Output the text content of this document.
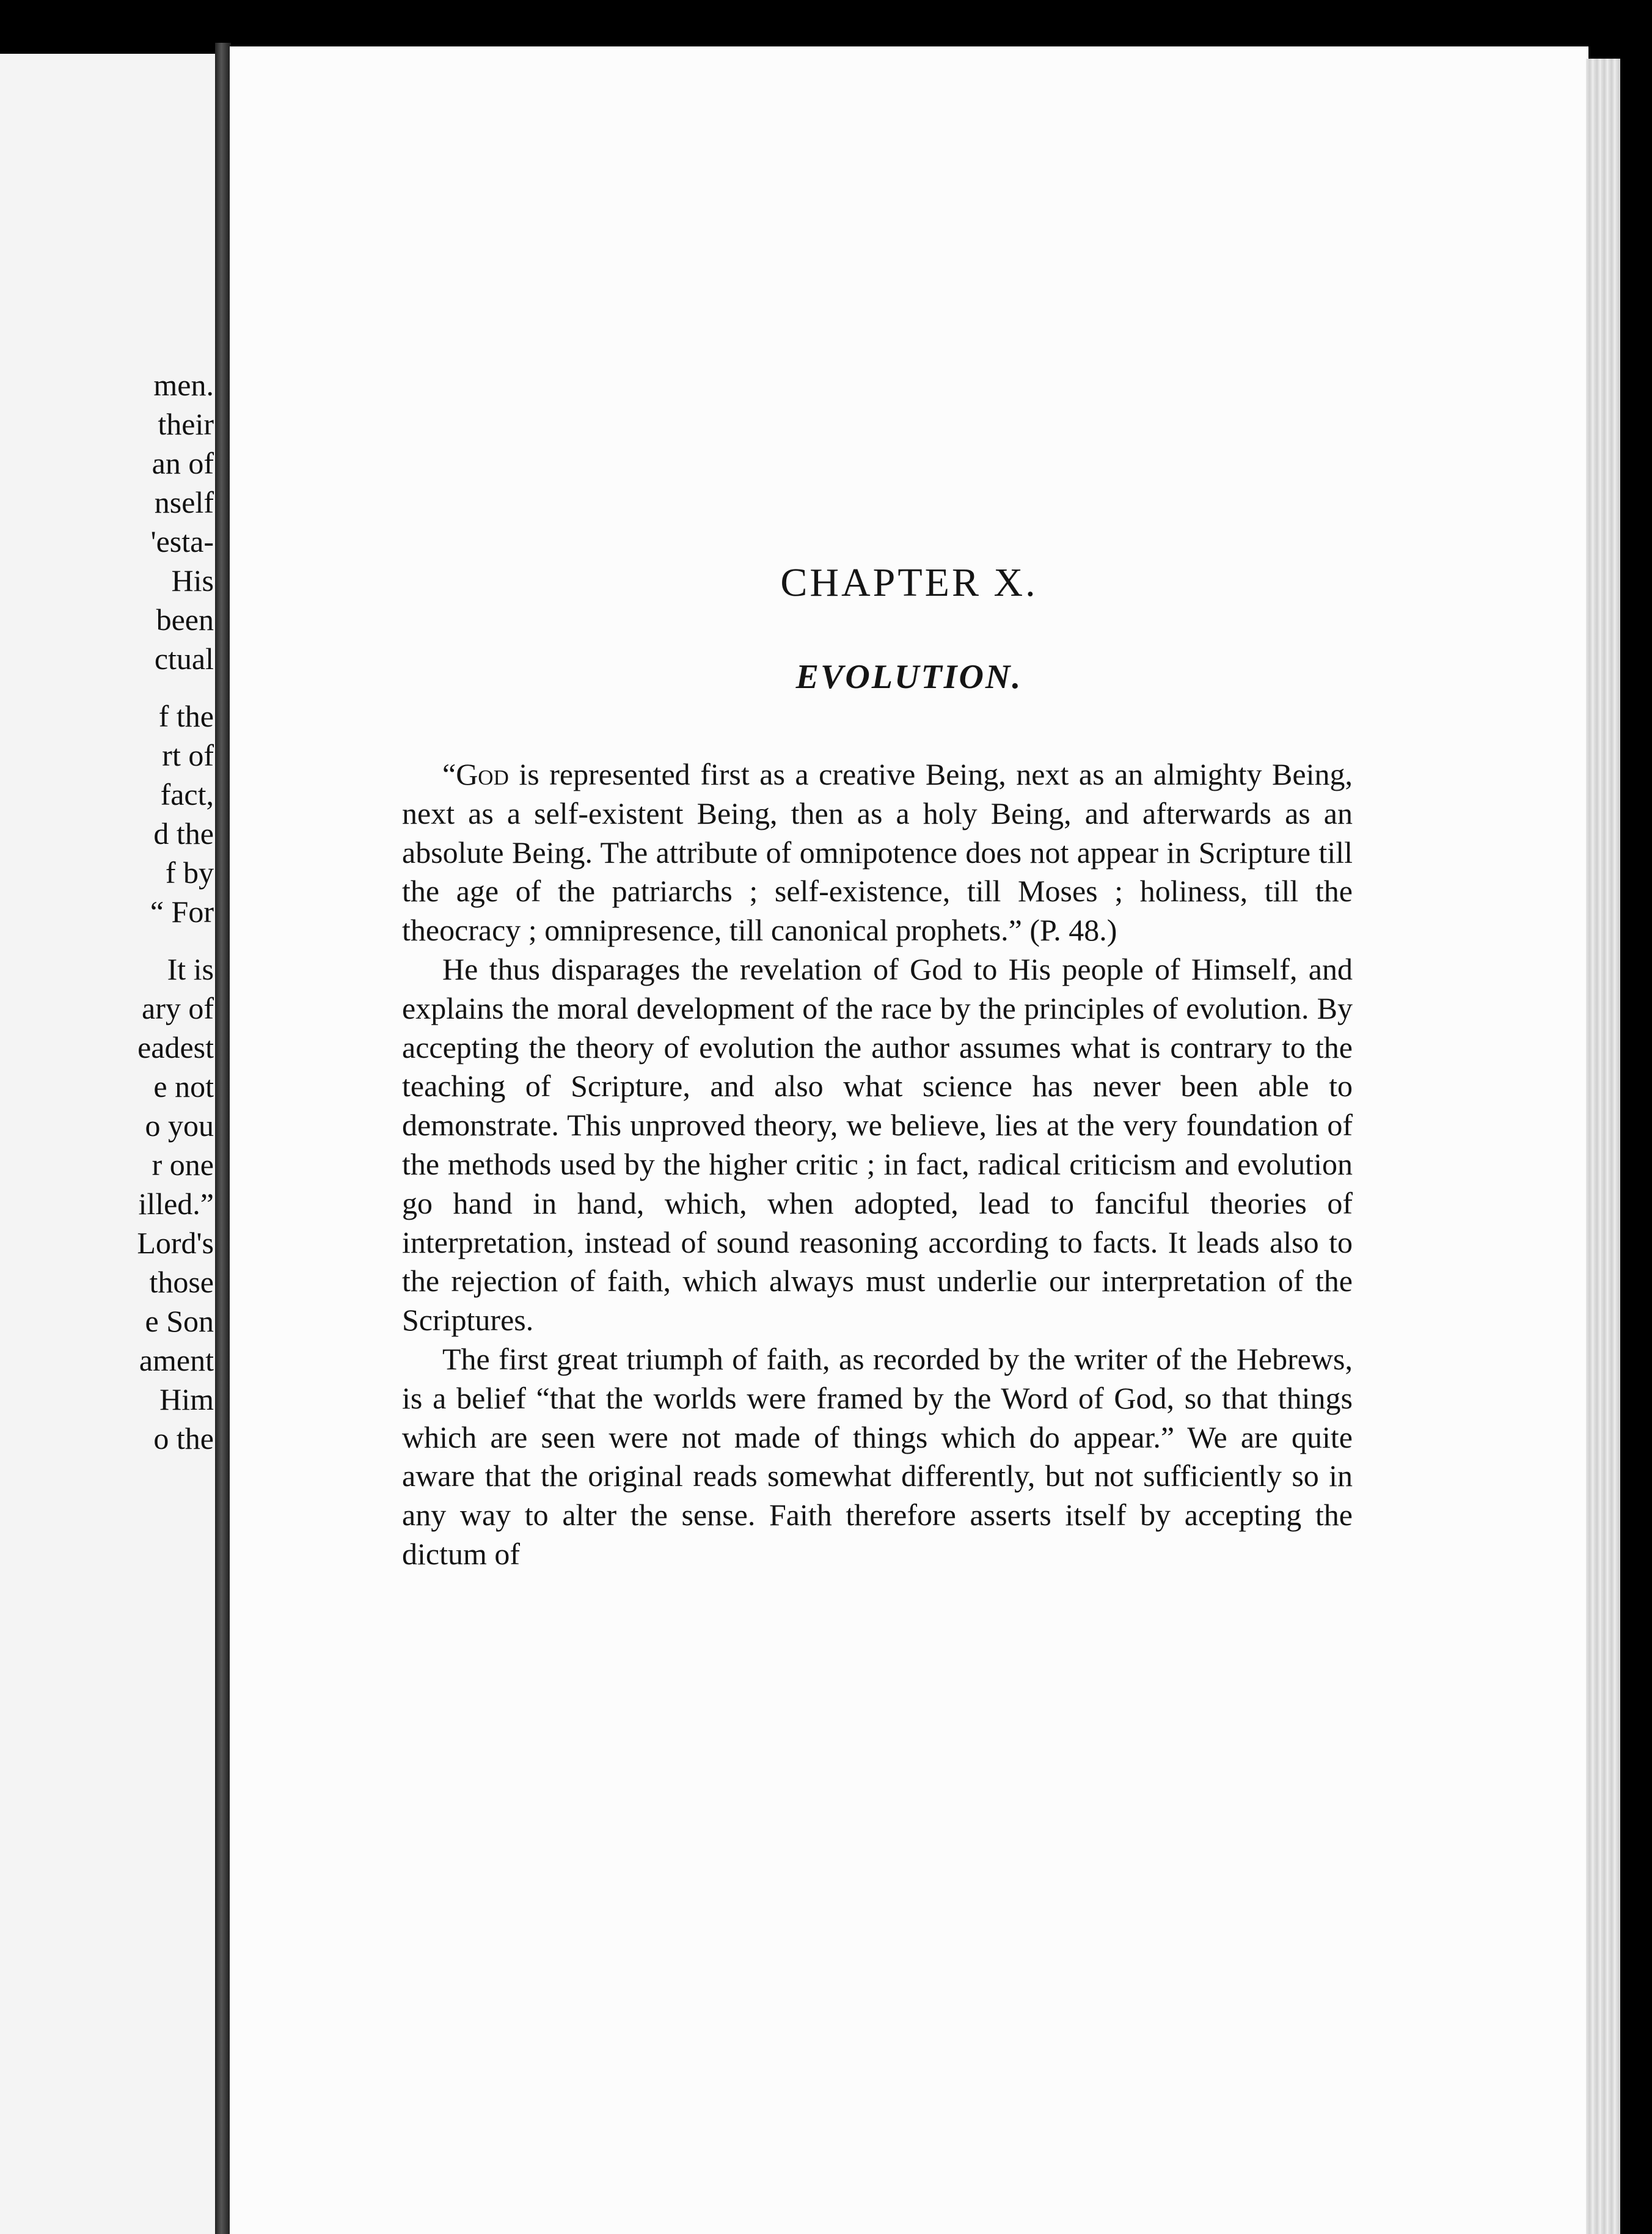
men.
their
an of
nself
'esta-
His
been
ctual
f the
rt of
fact,
d the
f by
“ For
It is
ary of
eadest
e not
o you
r one
illed.”
Lord's
those
e Son
ament
Him
o the
CHAPTER X.
EVOLUTION.

“God is represented first as a creative Being, next as an almighty Being, next as a self-existent Being, then as a holy Being, and afterwards as an absolute Being. The attribute of omnipotence does not appear in Scripture till the age of the patriarchs ; self-existence, till Moses ; holiness, till the theocracy ; omnipresence, till canonical prophets.” (P. 48.)

He thus disparages the revelation of God to His people of Himself, and explains the moral development of the race by the principles of evolution. By accepting the theory of evolution the author assumes what is contrary to the teaching of Scripture, and also what science has never been able to demonstrate. This unproved theory, we believe, lies at the very foundation of the methods used by the higher critic ; in fact, radical criticism and evolution go hand in hand, which, when adopted, lead to fanciful theories of interpretation, instead of sound reasoning according to facts. It leads also to the rejection of faith, which always must underlie our interpretation of the Scriptures.

The first great triumph of faith, as recorded by the writer of the Hebrews, is a belief “that the worlds were framed by the Word of God, so that things which are seen were not made of things which do appear.” We are quite aware that the original reads somewhat differently, but not sufficiently so in any way to alter the sense. Faith therefore asserts itself by accepting the dictum of
